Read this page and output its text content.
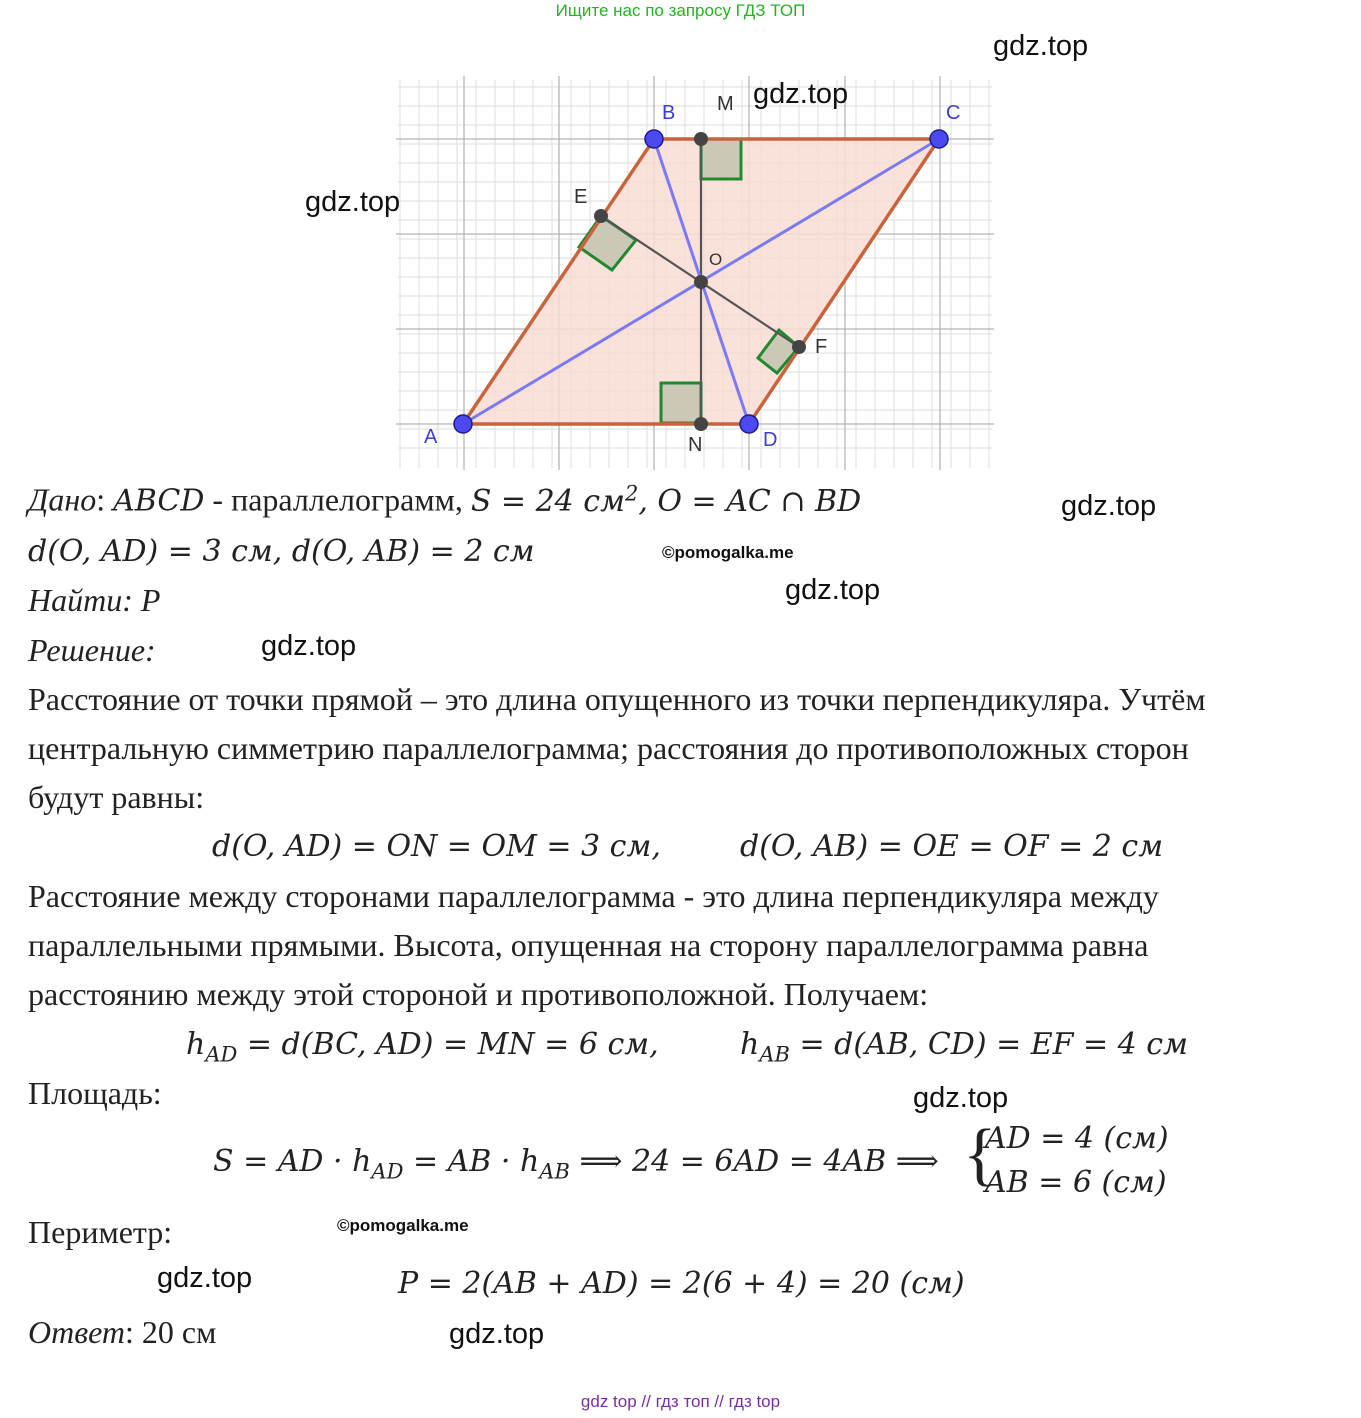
Ищите нас по запросу ГДЗ ТОП
A
B	C
D
M
N
E
F
O
gdz.top
gdz.top
gdz.top
gdz.top
gdz.top
gdz.top
gdz.top
gdz.top
gdz.top
©pomogalka.me
©pomogalka.me
Дано: ABCD - параллелограмм, S = 24 $см^2$, O = AC ∩ BD
d(O, AD) = 3 см, d(O, AB) = 2 см
Найти: P
Решение:
Расстояние от точки прямой – это длина опущенного из точки перпендикуляра. Учтём
центральную симметрию параллелограмма; расстояния до противоположных сторон
будут равны:
d(O, AD) = ON = OM = 3 см,	d(O, AB) = OE = OF = 2 см
Расстояние между сторонами параллелограмма - это длина перпендикуляра между
параллельными прямыми. Высота, опущенная на сторону параллелограмма равна
расстоянию между этой стороной и противоположной. Получаем:
$h_{AD} = d(BC$, AD) = MN = 6 см,	$h_{AB} = d(AB$, CD) = EF = 4 см
Площадь:
S = AD · $h_{AD}$ = AB · $h_{AB}$ ⟹ 24 = 6AD = 4AB ⟹ {
AD = 4 (см)
AB = 6 (см)
Периметр:
P = 2(AB + AD) = 2(6 + 4) = 20 (см)
Ответ: 20 см
gdz top // гдз топ // гдз top
